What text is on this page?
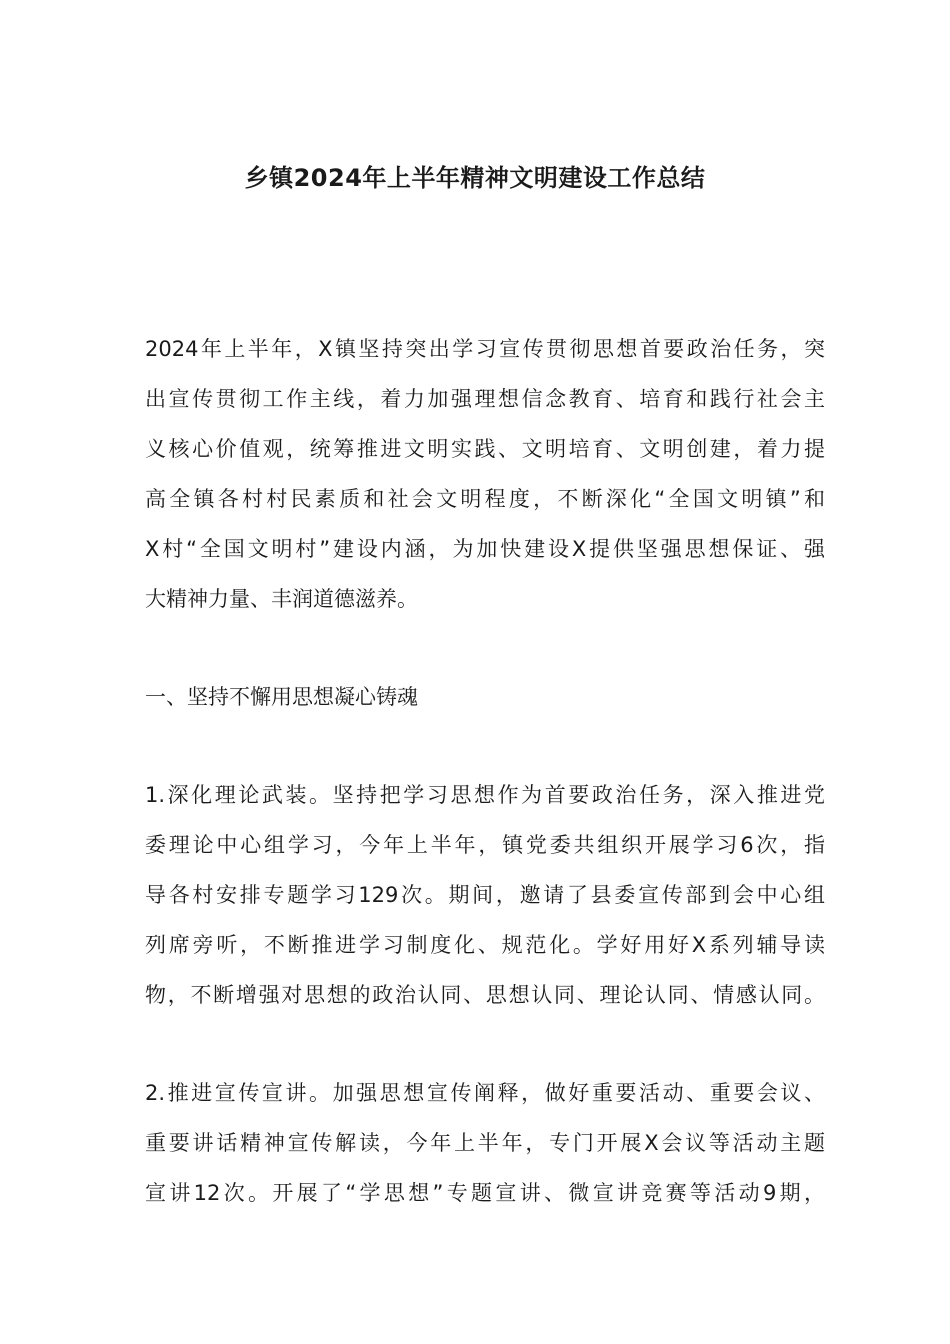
乡镇2024年上半年精神文明建设工作总结
2024年上半年，X镇坚持突出学习宣传贯彻思想首要政治任务，突
出宣传贯彻工作主线，着力加强理想信念教育、培育和践行社会主
义核心价值观，统筹推进文明实践、文明培育、文明创建，着力提
高全镇各村村民素质和社会文明程度，不断深化“全国文明镇”和
X村“全国文明村”建设内涵，为加快建设X提供坚强思想保证、强
大精神力量、丰润道德滋养。
一、坚持不懈用思想凝心铸魂
1.深化理论武装。坚持把学习思想作为首要政治任务，深入推进党
委理论中心组学习，今年上半年，镇党委共组织开展学习6次，指
导各村安排专题学习129次。期间，邀请了县委宣传部到会中心组
列席旁听，不断推进学习制度化、规范化。学好用好X系列辅导读
物，不断增强对思想的政治认同、思想认同、理论认同、情感认同。
2.推进宣传宣讲。加强思想宣传阐释，做好重要活动、重要会议、
重要讲话精神宣传解读，今年上半年，专门开展X会议等活动主题
宣讲12次。开展了“学思想”专题宣讲、微宣讲竞赛等活动9期，
